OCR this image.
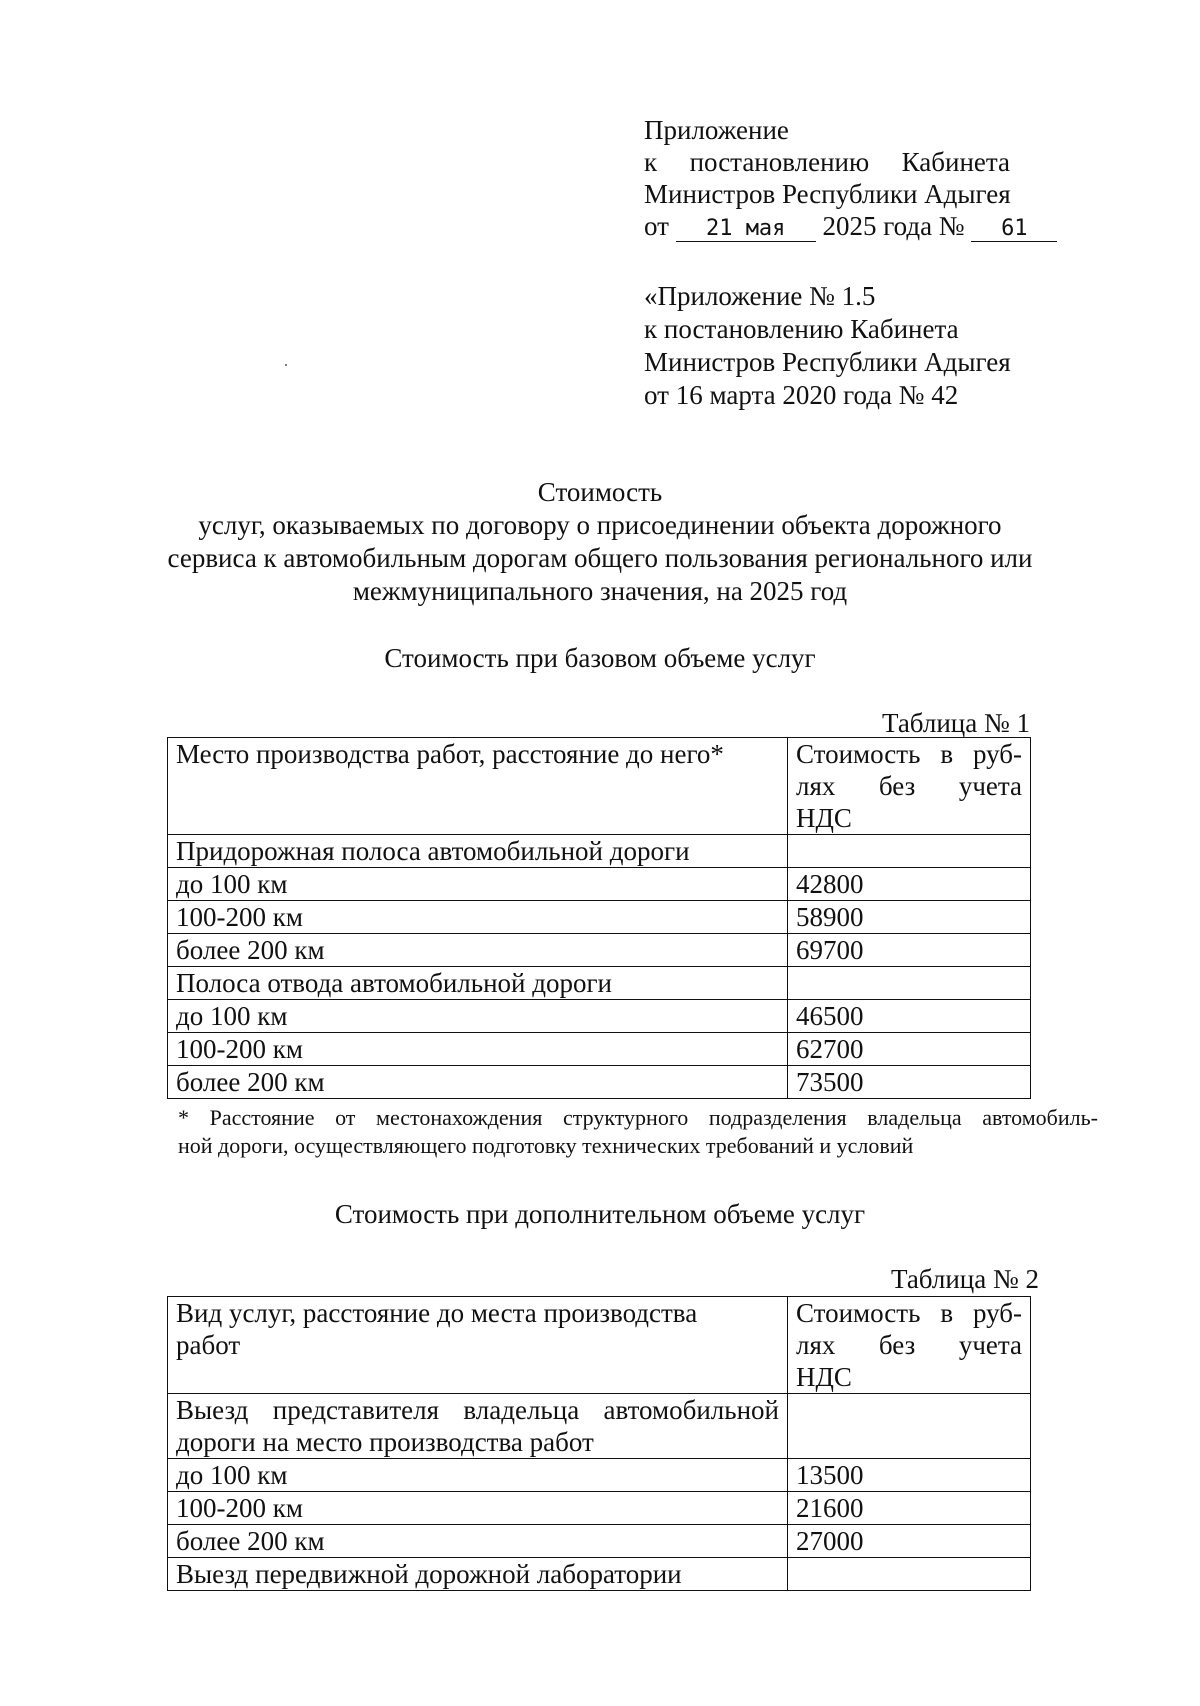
Приложение
к постановлению Кабинета
Министров Республики Адыгея
от 21 мая 2025 года № 61
«Приложение № 1.5
к постановлению Кабинета
Министров Республики Адыгея
от 16 марта 2020 года № 42
Стоимость
услуг, оказываемых по договору о присоединении объекта дорожного
сервиса к автомобильным дорогам общего пользования регионального или
межмуниципального значения, на 2025 год
Стоимость при базовом объеме услуг
Таблица № 1
Место производства работ, расстояние до него*	Стоимость в руб-
лях без учета
НДС

Придорожная полоса автомобильной дороги	
до 100 км	42800
100-200 км	58900
более 200 км	69700
Полоса отвода автомобильной дороги	
до 100 км	46500
100-200 км	62700
более 200 км	73500
* Расстояние от местонахождения структурного подразделения владельца автомобиль-
ной дороги, осуществляющего подготовку технических требований и условий
Стоимость при дополнительном объеме услуг
Таблица № 2
Вид услуг, расстояние до места производства
работ	Стоимость в руб-
лях без учета
НДС

Выезд представителя владельца автомобильной
дороги на место производства работ	

до 100 км	13500
100-200 км	21600
более 200 км	27000
Выезд передвижной дорожной лаборатории	
